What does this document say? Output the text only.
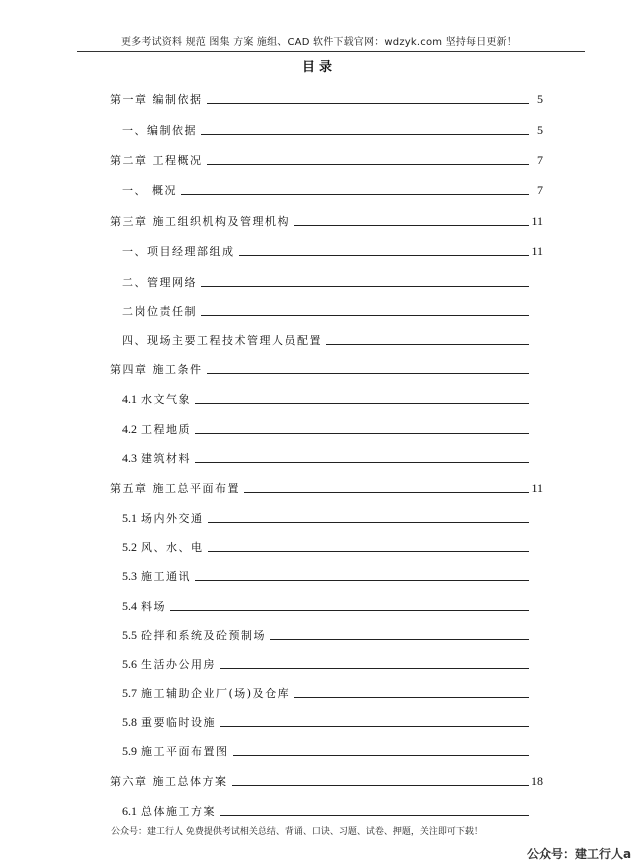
更多考试资料 规范 图集 方案 施组、CAD 软件下载官网：wdzyk.com 坚持每日更新！
目录
第一章 编制依据	5
一、编制依据	5
第二章 工程概况	7
一、 概况	7
第三章 施工组织机构及管理机构	11
一、项目经理部组成	11
二、管理网络
二岗位责任制
四、现场主要工程技术管理人员配置
第四章 施工条件
4.1 水文气象
4.2 工程地质
4.3 建筑材料
第五章 施工总平面布置	11
5.1 场内外交通
5.2 风、水、电
5.3 施工通讯
5.4 料场
5.5 砼拌和系统及砼预制场
5.6 生活办公用房
5.7 施工辅助企业厂(场)及仓库
5.8 重要临时设施
5.9 施工平面布置图
第六章 施工总体方案	18
6.1 总体施工方案
公众号：建工行人 免费提供考试相关总结、背诵、口诀、习题、试卷、押题，关注即可下载！
公众号：建工行人a
